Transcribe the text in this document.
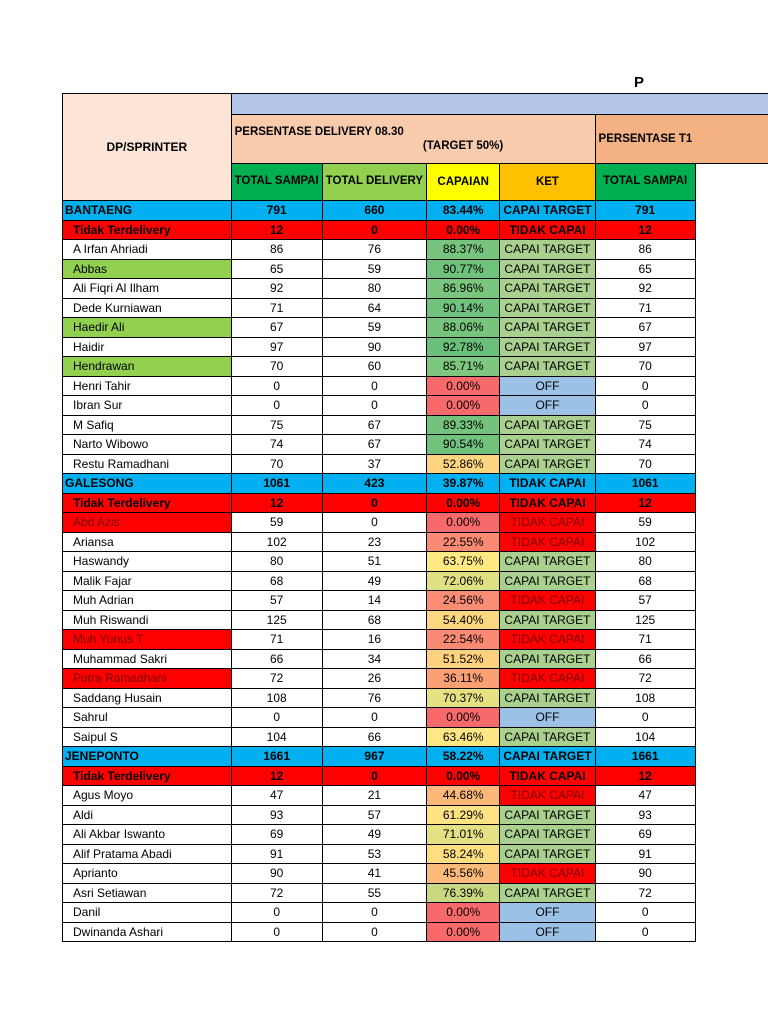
P
DP/SPRINTER						

	PERSENTASE DELIVERY 08.30
(TARGET 50%)				PERSENTASE T1	
	TOTAL SAMPAI	TOTAL DELIVERY	CAPAIAN	KET	TOTAL SAMPAI	
BANTAENG	791	660	83.44%	CAPAI TARGET	791	
Tidak Terdelivery	12	0	0.00%	TIDAK CAPAI	12	
A Irfan Ahriadi	86	76	88.37%	CAPAI TARGET	86	
Abbas	65	59	90.77%	CAPAI TARGET	65	
Ali Fiqri Al Ilham	92	80	86.96%	CAPAI TARGET	92	
Dede Kurniawan	71	64	90.14%	CAPAI TARGET	71	
Haedir Ali	67	59	88.06%	CAPAI TARGET	67	
Haidir	97	90	92.78%	CAPAI TARGET	97	
Hendrawan	70	60	85.71%	CAPAI TARGET	70	
Henri Tahir	0	0	0.00%	OFF	0	
Ibran Sur	0	0	0.00%	OFF	0	
M Safiq	75	67	89.33%	CAPAI TARGET	75	
Narto Wibowo	74	67	90.54%	CAPAI TARGET	74	
Restu Ramadhani	70	37	52.86%	CAPAI TARGET	70	
GALESONG	1061	423	39.87%	TIDAK CAPAI	1061	
Tidak Terdelivery	12	0	0.00%	TIDAK CAPAI	12	
Abd Azis	59	0	0.00%	TIDAK CAPAI	59	
Ariansa	102	23	22.55%	TIDAK CAPAI	102	
Haswandy	80	51	63.75%	CAPAI TARGET	80	
Malik Fajar	68	49	72.06%	CAPAI TARGET	68	
Muh Adrian	57	14	24.56%	TIDAK CAPAI	57	
Muh Riswandi	125	68	54.40%	CAPAI TARGET	125	
Muh Yunus T	71	16	22.54%	TIDAK CAPAI	71	
Muhammad Sakri	66	34	51.52%	CAPAI TARGET	66	
Putra Ramadhani	72	26	36.11%	TIDAK CAPAI	72	
Saddang Husain	108	76	70.37%	CAPAI TARGET	108	
Sahrul	0	0	0.00%	OFF	0	
Saipul S	104	66	63.46%	CAPAI TARGET	104	
JENEPONTO	1661	967	58.22%	CAPAI TARGET	1661	
Tidak Terdelivery	12	0	0.00%	TIDAK CAPAI	12	
Agus Moyo	47	21	44.68%	TIDAK CAPAI	47	
Aldi	93	57	61.29%	CAPAI TARGET	93	
Ali Akbar Iswanto	69	49	71.01%	CAPAI TARGET	69	
Alif Pratama Abadi	91	53	58.24%	CAPAI TARGET	91	
Aprianto	90	41	45.56%	TIDAK CAPAI	90	
Asri Setiawan	72	55	76.39%	CAPAI TARGET	72	
Danil	0	0	0.00%	OFF	0	
Dwinanda Ashari	0	0	0.00%	OFF	0	
